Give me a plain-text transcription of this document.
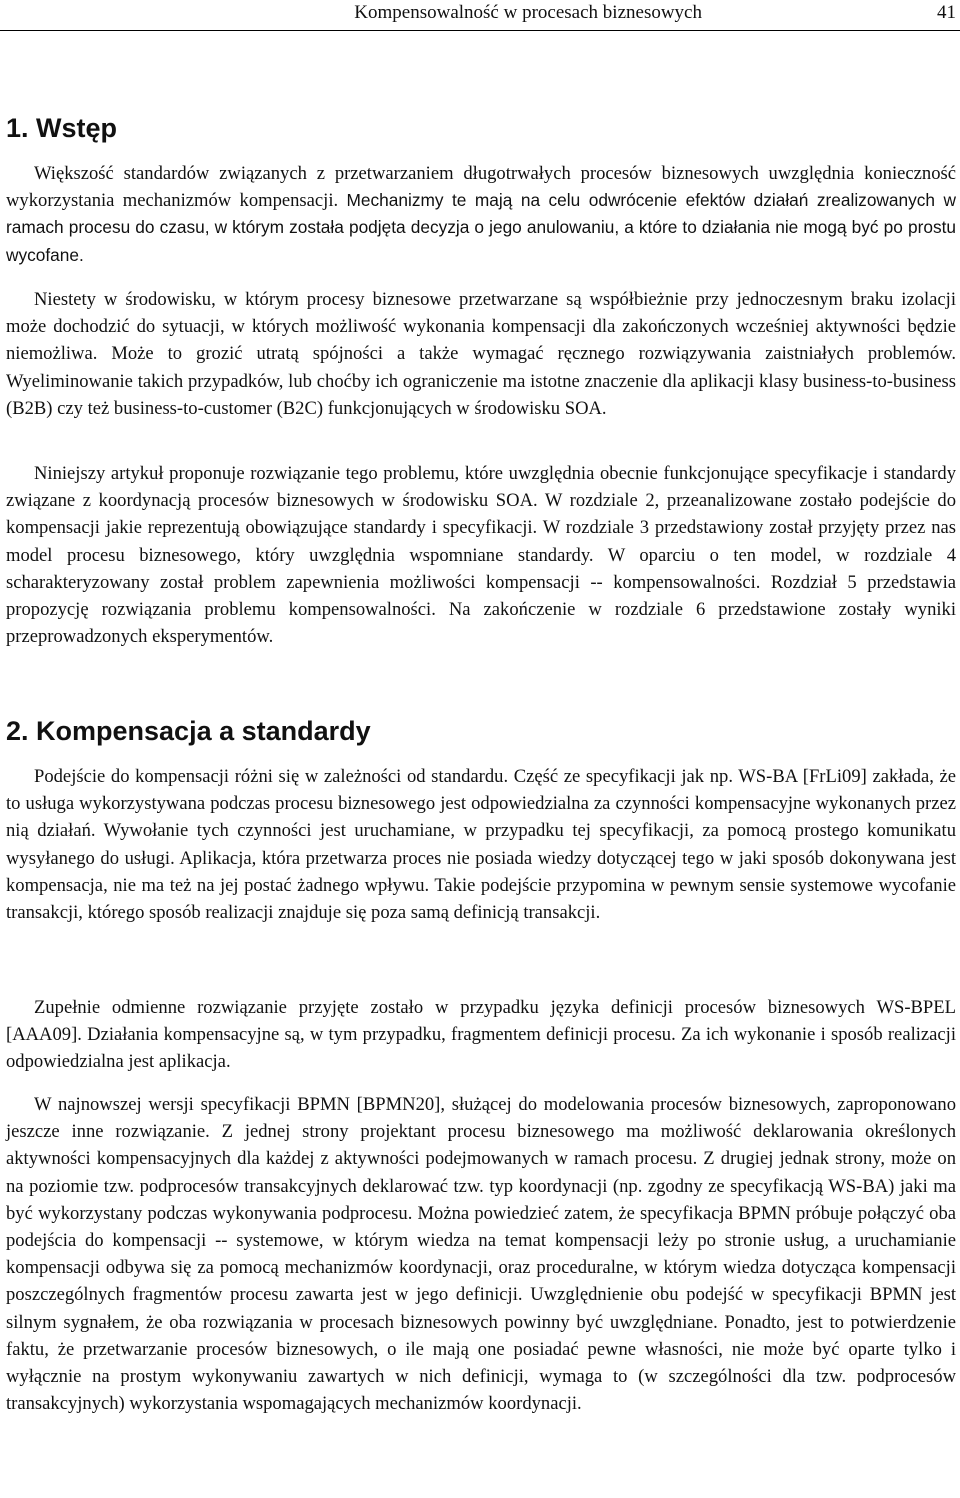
Kompensowalność w procesach biznesowych	41
1. Wstęp

Większość standardów związanych z przetwarzaniem długotrwałych procesów biznesowych uwzględnia konieczność wykorzystania mechanizmów kompensacji. Mechanizmy te mają na celu odwrócenie efektów działań zrealizowanych w ramach procesu do czasu, w którym została podjęta decyzja o jego anulowaniu, a które to działania nie mogą być po prostu wycofane.

Niestety w środowisku, w którym procesy biznesowe przetwarzane są współbieżnie przy jednoczesnym braku izolacji może dochodzić do sytuacji, w których możliwość wykonania kompensacji dla zakończonych wcześniej aktywności będzie niemożliwa. Może to grozić utratą spójności a także wymagać ręcznego rozwiązywania zaistniałych problemów. Wyeliminowanie takich przypadków, lub choćby ich ograniczenie ma istotne znaczenie dla aplikacji klasy business-to-business (B2B) czy też business-to-customer (B2C) funkcjonujących w środowisku SOA.

Niniejszy artykuł proponuje rozwiązanie tego problemu, które uwzględnia obecnie funkcjonujące specyfikacje i standardy związane z koordynacją procesów biznesowych w środowisku SOA. W rozdziale 2, przeanalizowane zostało podejście do kompensacji jakie reprezentują obowiązujące standardy i specyfikacji. W rozdziale 3 przedstawiony został przyjęty przez nas model procesu biznesowego, który uwzględnia wspomniane standardy. W oparciu o ten model, w rozdziale 4 scharakteryzowany został problem zapewnienia możliwości kompensacji -- kompensowalności. Rozdział 5 przedstawia propozycję rozwiązania problemu kompensowalności. Na zakończenie w rozdziale 6 przedstawione zostały wyniki przeprowadzonych eksperymentów.

2. Kompensacja a standardy

Podejście do kompensacji różni się w zależności od standardu. Część ze specyfikacji jak np. WS-BA [FrLi09] zakłada, że to usługa wykorzystywana podczas procesu biznesowego jest odpowiedzialna za czynności kompensacyjne wykonanych przez nią działań. Wywołanie tych czynności jest uruchamiane, w przypadku tej specyfikacji, za pomocą prostego komunikatu wysyłanego do usługi. Aplikacja, która przetwarza proces nie posiada wiedzy dotyczącej tego w jaki sposób dokonywana jest kompensacja, nie ma też na jej postać żadnego wpływu. Takie podejście przypomina w pewnym sensie systemowe wycofanie transakcji, którego sposób realizacji znajduje się poza samą definicją transakcji.

Zupełnie odmienne rozwiązanie przyjęte zostało w przypadku języka definicji procesów biznesowych WS-BPEL [AAA09]. Działania kompensacyjne są, w tym przypadku, fragmentem definicji procesu. Za ich wykonanie i sposób realizacji odpowiedzialna jest aplikacja.

W najnowszej wersji specyfikacji BPMN [BPMN20], służącej do modelowania procesów biznesowych, zaproponowano jeszcze inne rozwiązanie. Z jednej strony projektant procesu biznesowego ma możliwość deklarowania określonych aktywności kompensacyjnych dla każdej z aktywności podejmowanych w ramach procesu. Z drugiej jednak strony, może on na poziomie tzw. podprocesów transakcyjnych deklarować tzw. typ koordynacji (np. zgodny ze specyfikacją WS-BA) jaki ma być wykorzystany podczas wykonywania podprocesu. Można powiedzieć zatem, że specyfikacja BPMN próbuje połączyć oba podejścia do kompensacji -- systemowe, w którym wiedza na temat kompensacji leży po stronie usług, a uruchamianie kompensacji odbywa się za pomocą mechanizmów koordynacji, oraz proceduralne, w którym wiedza dotycząca kompensacji poszczególnych fragmentów procesu zawarta jest w jego definicji. Uwzględnienie obu podejść w specyfikacji BPMN jest silnym sygnałem, że oba rozwiązania w procesach biznesowych powinny być uwzględniane. Ponadto, jest to potwierdzenie faktu, że przetwarzanie procesów biznesowych, o ile mają one posiadać pewne własności, nie może być oparte tylko i wyłącznie na prostym wykonywaniu zawartych w nich definicji, wymaga to (w szczególności dla tzw. podprocesów transakcyjnych) wykorzystania wspomagających mechanizmów koordynacji.
